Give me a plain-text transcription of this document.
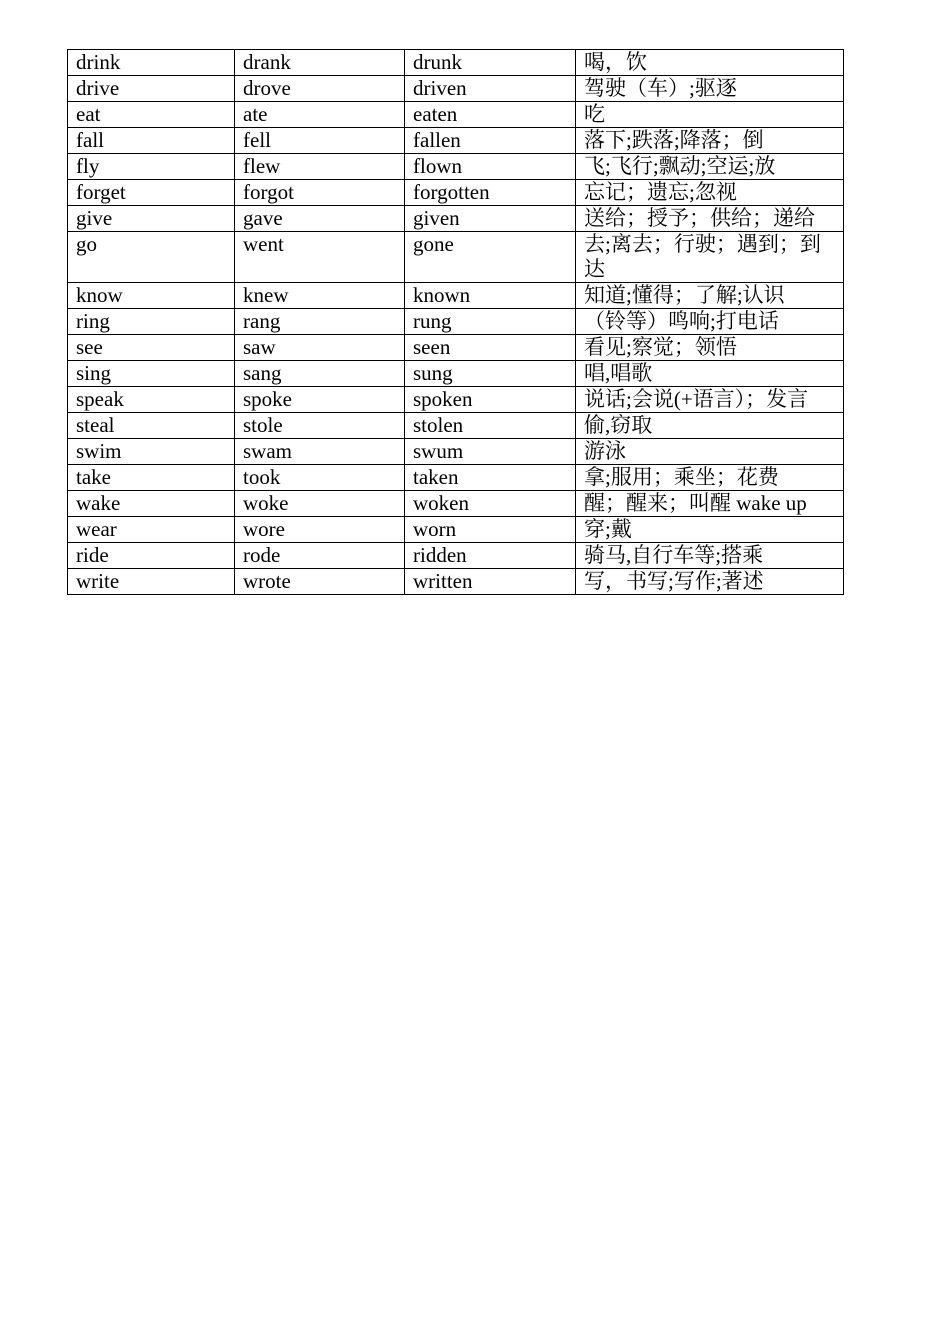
drink	drank	drunk	喝，饮
drive	drove	driven	驾驶（车）;驱逐
eat	ate	eaten	吃
fall	fell	fallen	落下;跌落;降落；倒
fly	flew	flown	飞;飞行;飘动;空运;放
forget	forgot	forgotten	忘记；遗忘;忽视
give	gave	given	送给；授予；供给；递给
go	went	gone	去;离去；行驶；遇到；到达
know	knew	known	知道;懂得；了解;认识
ring	rang	rung	（铃等）鸣响;打电话
see	saw	seen	看见;察觉；领悟
sing	sang	sung	唱,唱歌
speak	spoke	spoken	说话;会说(+语言）；发言
steal	stole	stolen	偷,窃取
swim	swam	swum	游泳
take	took	taken	拿;服用；乘坐；花费
wake	woke	woken	醒；醒来；叫醒 wake up
wear	wore	worn	穿;戴
ride	rode	ridden	骑马,自行车等;搭乘
write	wrote	written	写，书写;写作;著述
